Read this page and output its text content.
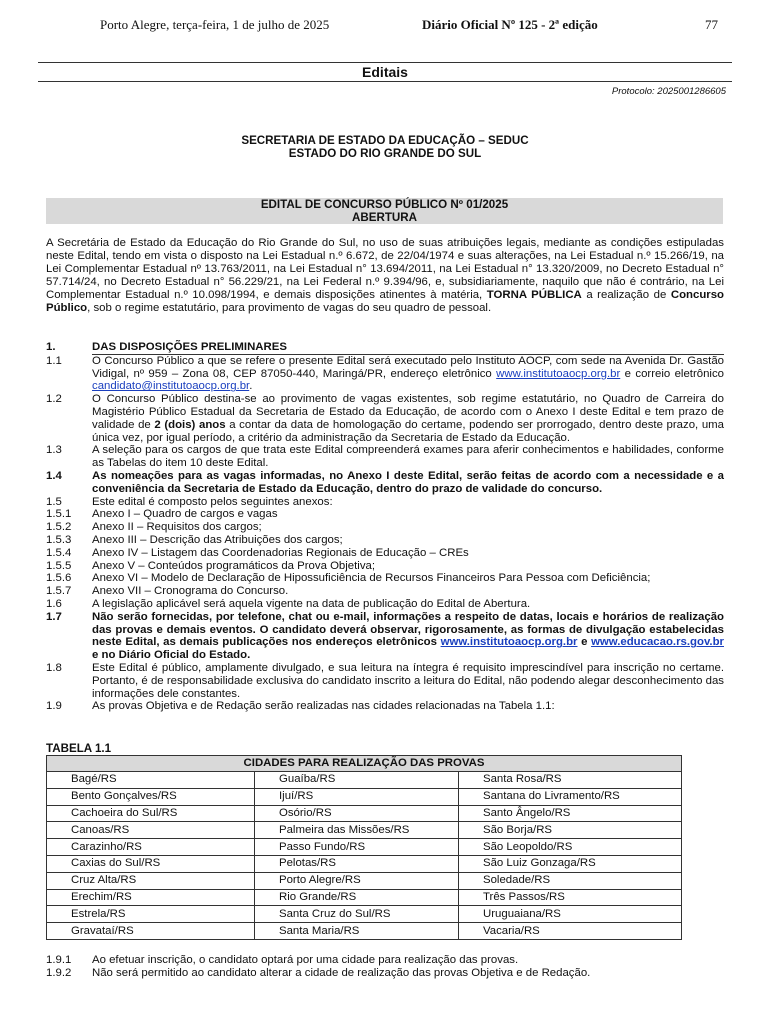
Porto Alegre, terça-feira, 1 de julho de 2025	Diário Oficial Nº 125 - 2ª edição	77
Editais
Protocolo: 2025001286605
SECRETARIA DE ESTADO DA EDUCAÇÃO – SEDUC
ESTADO DO RIO GRANDE DO SUL
EDITAL DE CONCURSO PÚBLICO Nº 01/2025
ABERTURA

A Secretária de Estado da Educação do Rio Grande do Sul, no uso de suas atribuições legais, mediante as condições estipuladas neste Edital, tendo em vista o disposto na Lei Estadual n.º 6.672, de 22/04/1974 e suas alterações, na Lei Estadual n.º 15.266/19, na Lei Complementar Estadual nº 13.763/2011, na Lei Estadual n° 13.694/2011, na Lei Estadual n° 13.320/2009, no Decreto Estadual n° 57.714/24, no Decreto Estadual n° 56.229/21, na Lei Federal n.º 9.394/96, e, subsidiariamente, naquilo que não é contrário, na Lei Complementar Estadual n.º 10.098/1994, e demais disposições atinentes à matéria, TORNA PÚBLICA a realização de Concurso Público, sob o regime estatutário, para provimento de vagas do seu quadro de pessoal.

1.	DAS DISPOSIÇÕES PRELIMINARES
1.1	O Concurso Público a que se refere o presente Edital será executado pelo Instituto AOCP, com sede na Avenida Dr. Gastão Vidigal, nº 959 – Zona 08, CEP 87050-440, Maringá/PR, endereço eletrônico www.institutoaocp.org.br e correio eletrônico candidato@institutoaocp.org.br.
1.2	O Concurso Público destina-se ao provimento de vagas existentes, sob regime estatutário, no Quadro de Carreira do Magistério Público Estadual da Secretaria de Estado da Educação, de acordo com o Anexo I deste Edital e tem prazo de validade de 2 (dois) anos a contar da data de homologação do certame, podendo ser prorrogado, dentro deste prazo, uma única vez, por igual período, a critério da administração da Secretaria de Estado da Educação.
1.3	A seleção para os cargos de que trata este Edital compreenderá exames para aferir conhecimentos e habilidades, conforme as Tabelas do item 10 deste Edital.
1.4	As nomeações para as vagas informadas, no Anexo I deste Edital, serão feitas de acordo com a necessidade e a conveniência da Secretaria de Estado da Educação, dentro do prazo de validade do concurso.
1.5	Este edital é composto pelos seguintes anexos:
1.5.1	Anexo I – Quadro de cargos e vagas
1.5.2	Anexo II – Requisitos dos cargos;
1.5.3	Anexo III – Descrição das Atribuições dos cargos;
1.5.4	Anexo IV – Listagem das Coordenadorias Regionais de Educação – CREs
1.5.5	Anexo V – Conteúdos programáticos da Prova Objetiva;
1.5.6	Anexo VI – Modelo de Declaração de Hipossuficiência de Recursos Financeiros Para Pessoa com Deficiência;
1.5.7	Anexo VII – Cronograma do Concurso.
1.6	A legislação aplicável será aquela vigente na data de publicação do Edital de Abertura.
1.7	Não serão fornecidas, por telefone, chat ou e-mail, informações a respeito de datas, locais e horários de realização das provas e demais eventos. O candidato deverá observar, rigorosamente, as formas de divulgação estabelecidas neste Edital, as demais publicações nos endereços eletrônicos www.institutoaocp.org.br e www.educacao.rs.gov.br e no Diário Oficial do Estado.
1.8	Este Edital é público, amplamente divulgado, e sua leitura na íntegra é requisito imprescindível para inscrição no certame. Portanto, é de responsabilidade exclusiva do candidato inscrito a leitura do Edital, não podendo alegar desconhecimento das informações dele constantes.
1.9	As provas Objetiva e de Redação serão realizadas nas cidades relacionadas na Tabela 1.1:
TABELA 1.1
CIDADES PARA REALIZAÇÃO DAS PROVAS		
Bagé/RS	Guaíba/RS	Santa Rosa/RS
Bento Gonçalves/RS	Ijuí/RS	Santana do Livramento/RS
Cachoeira do Sul/RS	Osório/RS	Santo Ângelo/RS
Canoas/RS	Palmeira das Missões/RS	São Borja/RS
Carazinho/RS	Passo Fundo/RS	São Leopoldo/RS
Caxias do Sul/RS	Pelotas/RS	São Luiz Gonzaga/RS
Cruz Alta/RS	Porto Alegre/RS	Soledade/RS
Erechim/RS	Rio Grande/RS	Três Passos/RS
Estrela/RS	Santa Cruz do Sul/RS	Uruguaiana/RS
Gravataí/RS	Santa Maria/RS	Vacaria/RS
1.9.1	Ao efetuar inscrição, o candidato optará por uma cidade para realização das provas.
1.9.2	Não será permitido ao candidato alterar a cidade de realização das provas Objetiva e de Redação.
